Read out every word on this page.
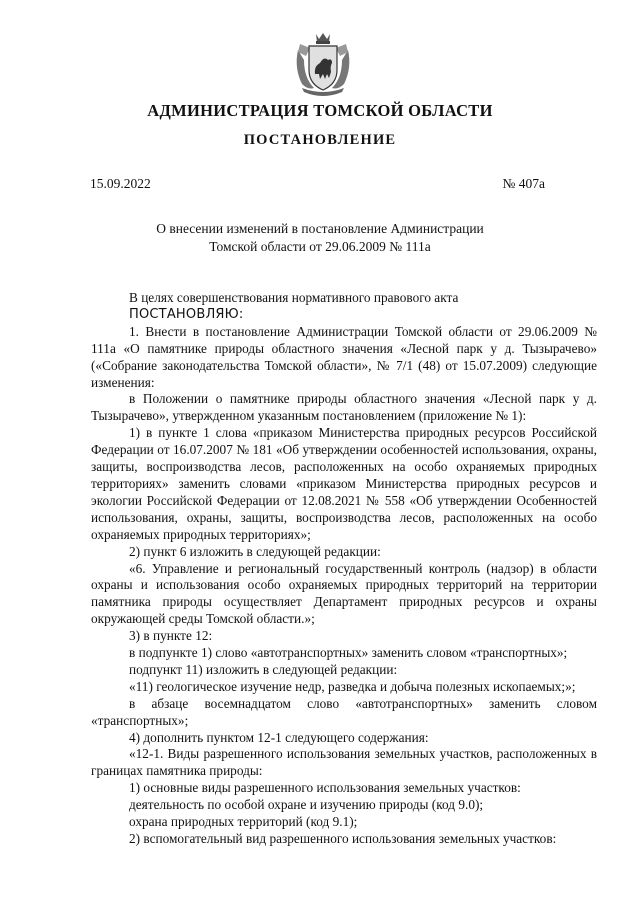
АДМИНИСТРАЦИЯ ТОМСКОЙ ОБЛАСТИ
ПОСТАНОВЛЕНИЕ
15.09.2022	№ 407а
О внесении изменений в постановление Администрации
Томской области от 29.06.2009 № 111а

В целях совершенствования нормативного правового акта

ПОСТАНОВЛЯЮ:

1. Внести в постановление Администрации Томской области от 29.06.2009 № 111а «О памятнике природы областного значения «Лесной парк у д. Тызырачево» («Собрание законодательства Томской области», № 7/1 (48) от 15.07.2009) следующие изменения:

в Положении о памятнике природы областного значения «Лесной парк у д. Тызырачево», утвержденном указанным постановлением (приложение № 1):

1) в пункте 1 слова «приказом Министерства природных ресурсов Российской Федерации от 16.07.2007 № 181 «Об утверждении особенностей использования, охраны, защиты, воспроизводства лесов, расположенных на особо охраняемых природных территориях» заменить словами «приказом Министерства природных ресурсов и экологии Российской Федерации от 12.08.2021 № 558 «Об утверждении Особенностей использования, охраны, защиты, воспроизводства лесов, расположенных на особо охраняемых природных территориях»;

2) пункт 6 изложить в следующей редакции:

«6. Управление и региональный государственный контроль (надзор) в области охраны и использования особо охраняемых природных территорий на территории памятника природы осуществляет Департамент природных ресурсов и охраны окружающей среды Томской области.»;

3) в пункте 12:

в подпункте 1) слово «автотранспортных» заменить словом «транспортных»;

подпункт 11) изложить в следующей редакции:

«11) геологическое изучение недр, разведка и добыча полезных ископаемых;»;

в абзаце восемнадцатом слово «автотранспортных» заменить словом «транспортных»;

4) дополнить пунктом 12-1 следующего содержания:

«12-1. Виды разрешенного использования земельных участков, расположенных в границах памятника природы:

1) основные виды разрешенного использования земельных участков:

деятельность по особой охране и изучению природы (код 9.0);

охрана природных территорий (код 9.1);

2) вспомогательный вид разрешенного использования земельных участков:
